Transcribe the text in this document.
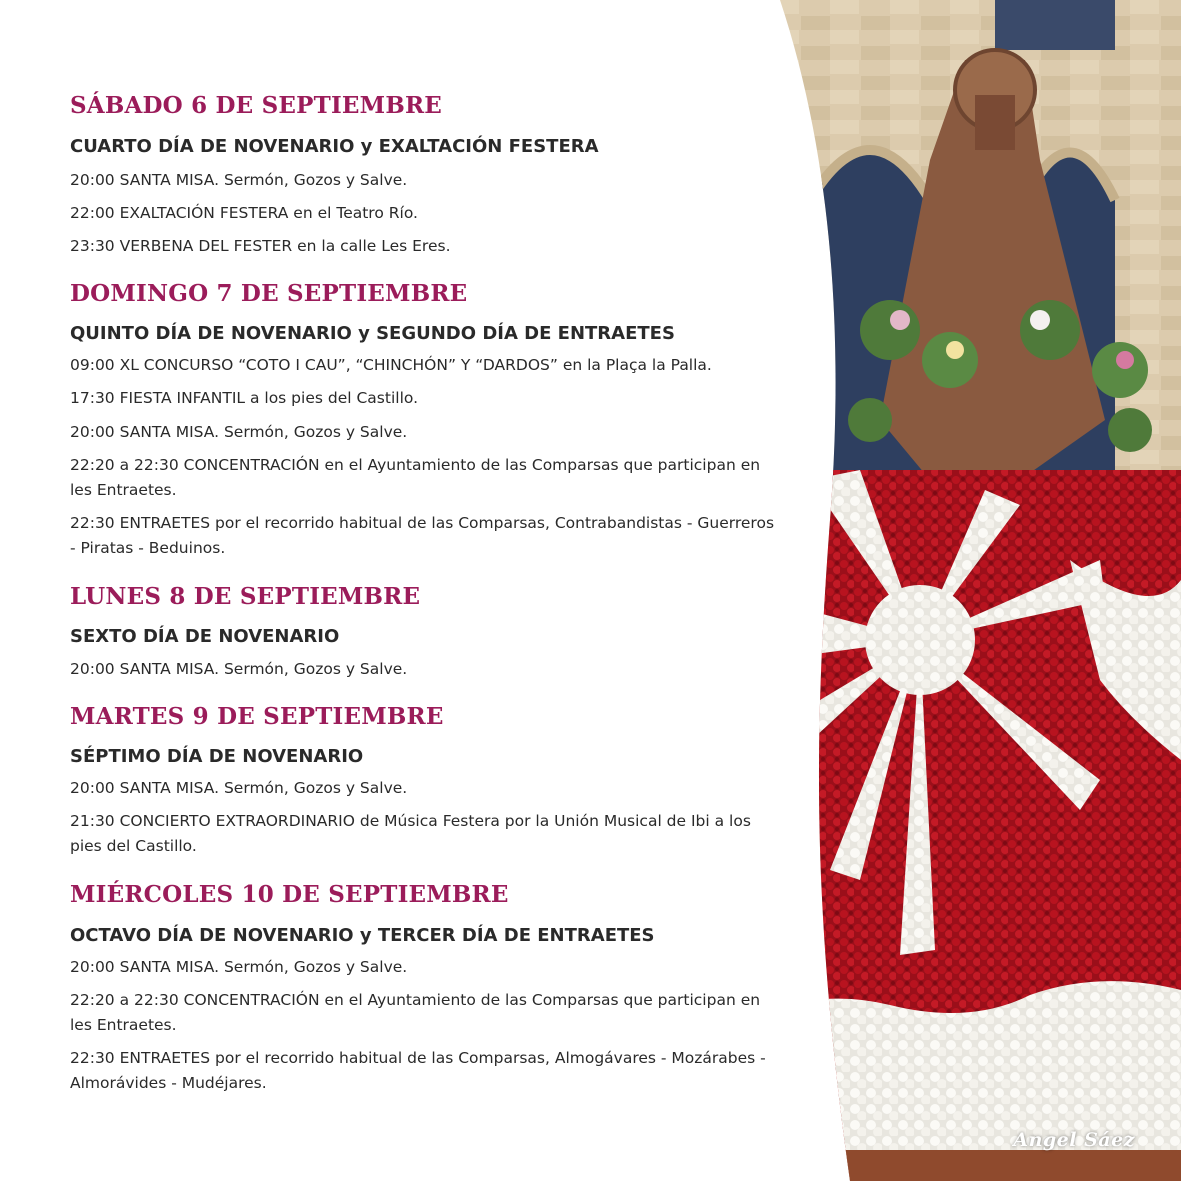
SÁBADO 6 DE SEPTIEMBRE
CUARTO DÍA DE NOVENARIO y EXALTACIÓN FESTERA
20:00 SANTA MISA. Sermón, Gozos y Salve.
22:00 EXALTACIÓN FESTERA en el Teatro Río.
23:30 VERBENA DEL FESTER en la calle Les Eres.
DOMINGO 7 DE SEPTIEMBRE
QUINTO DÍA DE NOVENARIO y SEGUNDO DÍA DE ENTRAETES
09:00 XL CONCURSO “COTO I CAU”, “CHINCHÓN” Y “DARDOS” en la Plaça la Palla.
17:30 FIESTA INFANTIL a los pies del Castillo.
20:00 SANTA MISA. Sermón, Gozos y Salve.
22:20 a 22:30 CONCENTRACIÓN en el Ayuntamiento de las Comparsas que participan en les Entraetes.
22:30 ENTRAETES por el recorrido habitual de las Comparsas, Contrabandistas - Guerreros - Piratas - Beduinos.
LUNES 8 DE SEPTIEMBRE
SEXTO DÍA DE NOVENARIO
20:00 SANTA MISA. Sermón, Gozos y Salve.
MARTES 9 DE SEPTIEMBRE
SÉPTIMO DÍA DE NOVENARIO
20:00 SANTA MISA. Sermón, Gozos y Salve.
21:30 CONCIERTO EXTRAORDINARIO de Música Festera por la Unión Musical de Ibi a los pies del Castillo.
MIÉRCOLES 10 DE SEPTIEMBRE
OCTAVO DÍA DE NOVENARIO y TERCER DÍA DE ENTRAETES
20:00 SANTA MISA. Sermón, Gozos y Salve.
22:20 a 22:30 CONCENTRACIÓN en el Ayuntamiento de las Comparsas que participan en les Entraetes.
22:30 ENTRAETES por el recorrido habitual de las Comparsas, Almogávares - Mozárabes - Almorávides - Mudéjares.
Angel Sáez
